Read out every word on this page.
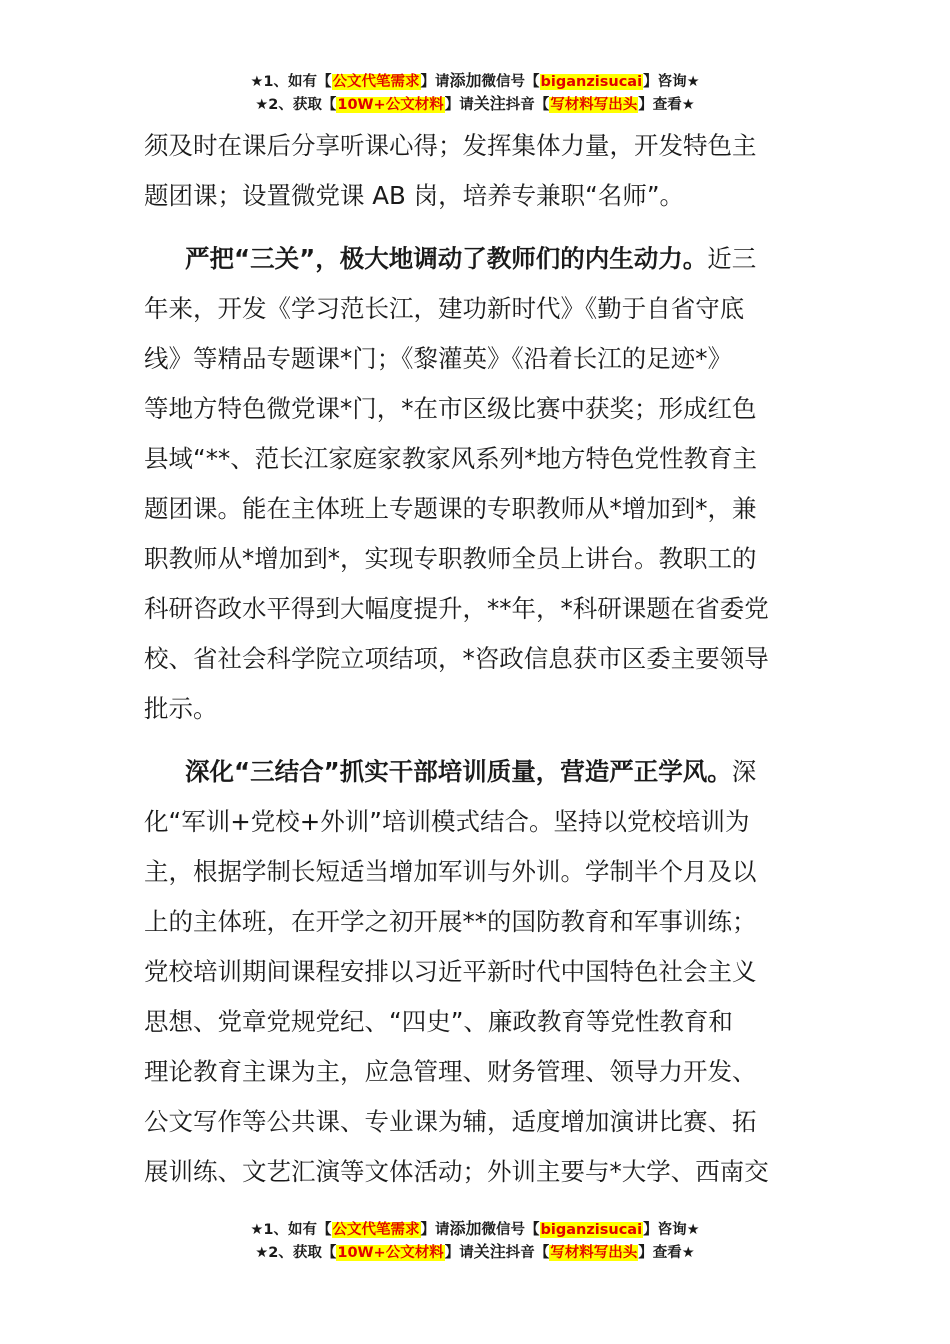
★1、如有【公文代笔需求】请添加微信号【biganzisucai】咨询★
★2、获取【10W+公文材料】请关注抖音【写材料写出头】查看★

须及时在课后分享听课心得；发挥集体力量，开发特色主

题团课；设置微党课 AB 岗，培养专兼职“名师”。

严把“三关”，极大地调动了教师们的内生动力。近三

年来，开发《学习范长江，建功新时代》《勤于自省守底

线》等精品专题课*门；《黎灌英》《沿着长江的足迹*》

等地方特色微党课*门，*在市区级比赛中获奖；形成红色

县域“**、范长江家庭家教家风系列*地方特色党性教育主

题团课。能在主体班上专题课的专职教师从*增加到*，兼

职教师从*增加到*，实现专职教师全员上讲台。教职工的

科研咨政水平得到大幅度提升，**年，*科研课题在省委党

校、省社会科学院立项结项，*咨政信息获市区委主要领导

批示。

深化“三结合”抓实干部培训质量，营造严正学风。深

化“军训+党校+外训”培训模式结合。坚持以党校培训为

主，根据学制长短适当增加军训与外训。学制半个月及以

上的主体班，在开学之初开展**的国防教育和军事训练；

党校培训期间课程安排以习近平新时代中国特色社会主义

思想、党章党规党纪、“四史”、廉政教育等党性教育和

理论教育主课为主，应急管理、财务管理、领导力开发、

公文写作等公共课、专业课为辅，适度增加演讲比赛、拓

展训练、文艺汇演等文体活动；外训主要与*大学、西南交

★1、如有【公文代笔需求】请添加微信号【biganzisucai】咨询★
★2、获取【10W+公文材料】请关注抖音【写材料写出头】查看★
